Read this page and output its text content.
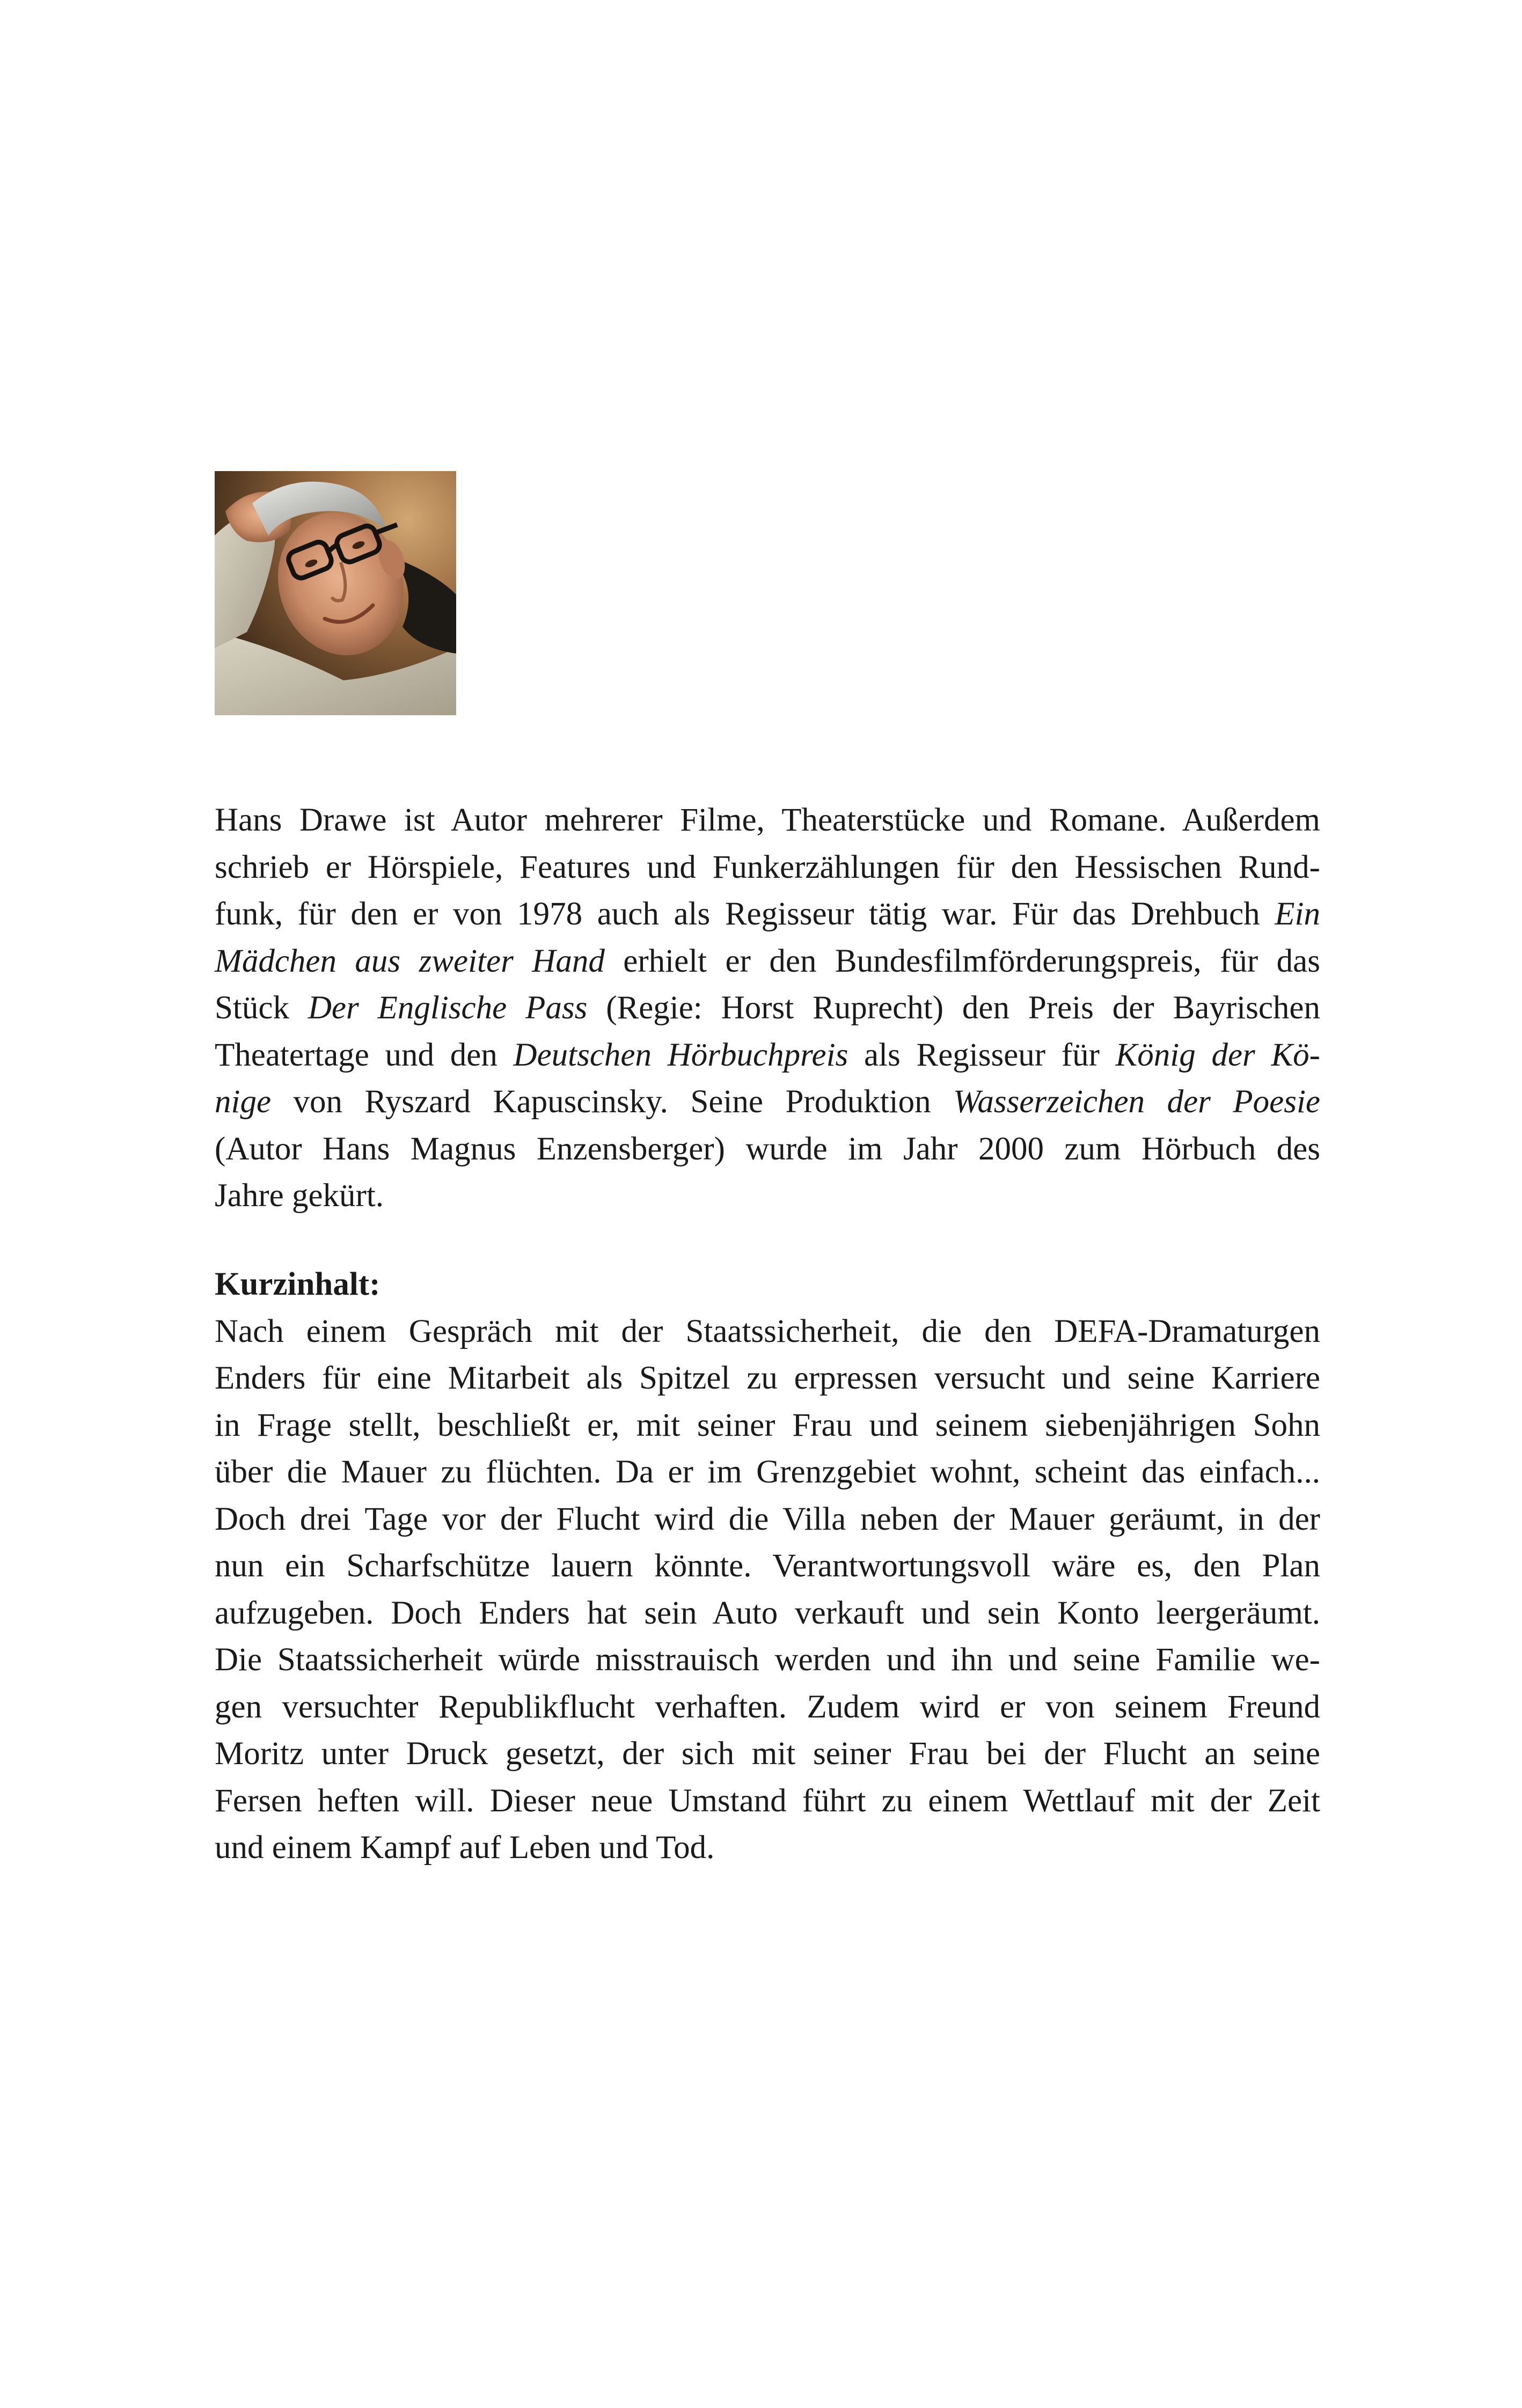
Hans Drawe ist Autor mehrerer Filme, Theaterstücke und Romane. Außerdem
schrieb er Hörspiele, Features und Funkerzählungen für den Hessischen Rund-
funk, für den er von 1978 auch als Regisseur tätig war. Für das Drehbuch Ein
Mädchen aus zweiter Hand erhielt er den Bundesfilmförderungspreis, für das
Stück Der Englische Pass (Regie: Horst Ruprecht) den Preis der Bayrischen
Theatertage und den Deutschen Hörbuchpreis als Regisseur für König der Kö-
nige von Ryszard Kapuscinsky. Seine Produktion Wasserzeichen der Poesie
(Autor Hans Magnus Enzensberger) wurde im Jahr 2000 zum Hörbuch des
Jahre gekürt.
Kurzinhalt:
Nach einem Gespräch mit der Staatssicherheit, die den DEFA-Dramaturgen
Enders für eine Mitarbeit als Spitzel zu erpressen versucht und seine Karriere
in Frage stellt, beschließt er, mit seiner Frau und seinem siebenjährigen Sohn
über die Mauer zu flüchten. Da er im Grenzgebiet wohnt, scheint das einfach...
Doch drei Tage vor der Flucht wird die Villa neben der Mauer geräumt, in der
nun ein Scharfschütze lauern könnte. Verantwortungsvoll wäre es, den Plan
aufzugeben. Doch Enders hat sein Auto verkauft und sein Konto leergeräumt.
Die Staatssicherheit würde misstrauisch werden und ihn und seine Familie we-
gen versuchter Republikflucht verhaften. Zudem wird er von seinem Freund
Moritz unter Druck gesetzt, der sich mit seiner Frau bei der Flucht an seine
Fersen heften will. Dieser neue Umstand führt zu einem Wettlauf mit der Zeit
und einem Kampf auf Leben und Tod.
